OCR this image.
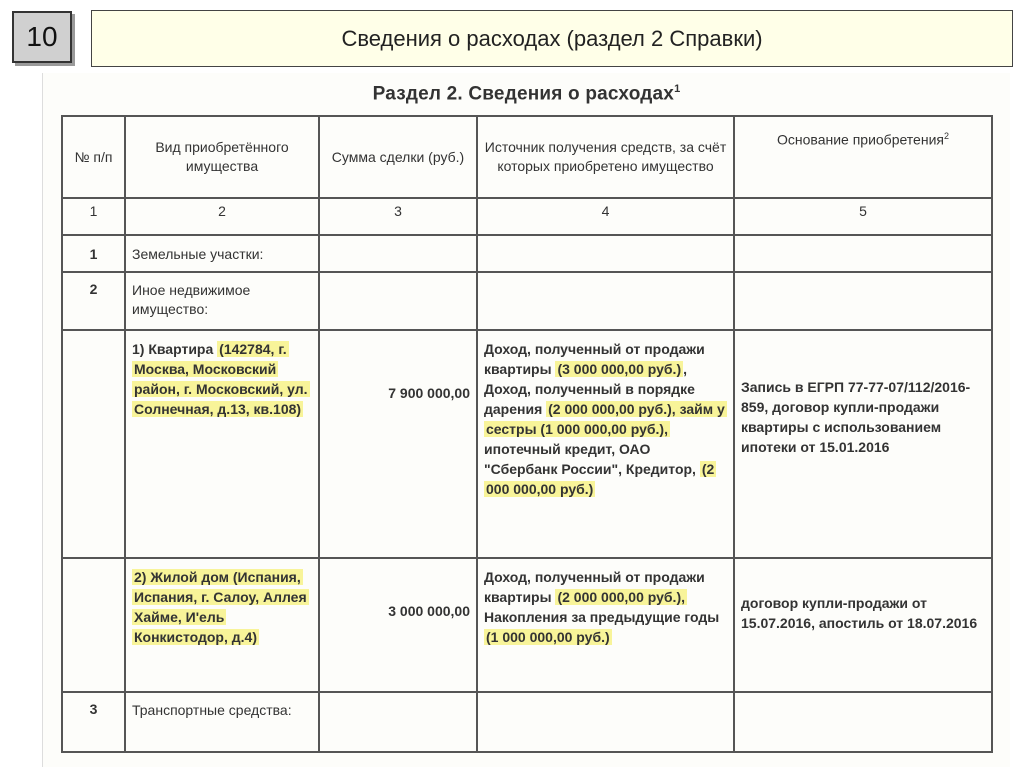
10	Сведения о расходах (раздел 2 Справки)
Раздел 2. Сведения о расходах$^1$
№ п/п	Вид приобретённого имущества	Сумма сделки (руб.)	Источник получения средств, за счёт которых приобретено имущество	Основание приобретения$^2$
1	2	3	4	5
1	Земельные участки:			
2	Иное недвижимое имущество:			
	1) Квартира (142784, г. Москва, Московский район, г. Московский, ул. Солнечная, д.13, кв.108)	7 900 000,00	Доход, полученный от продажи квартиры (3 000 000,00 руб.) , Доход, полученный в порядке дарения (2 000 000,00 руб.), займ у сестры (1 000 000,00 руб.), ипотечный кредит, ОАО "Сбербанк России", Кредитор, (2 000 000,00 руб.)	Запись в ЕГРП 77-77-07/112/2016-859, договор купли-продажи квартиры с использованием ипотеки от 15.01.2016
	2) Жилой дом (Испания, Испания, г. Салоу, Аллея Хайме, И'ель Конкистодор, д.4)	3 000 000,00	Доход, полученный от продажи квартиры (2 000 000,00 руб.), Накопления за предыдущие годы (1 000 000,00 руб.)	договор купли-продажи от 15.07.2016, апостиль от 18.07.2016
3	Транспортные средства:			
